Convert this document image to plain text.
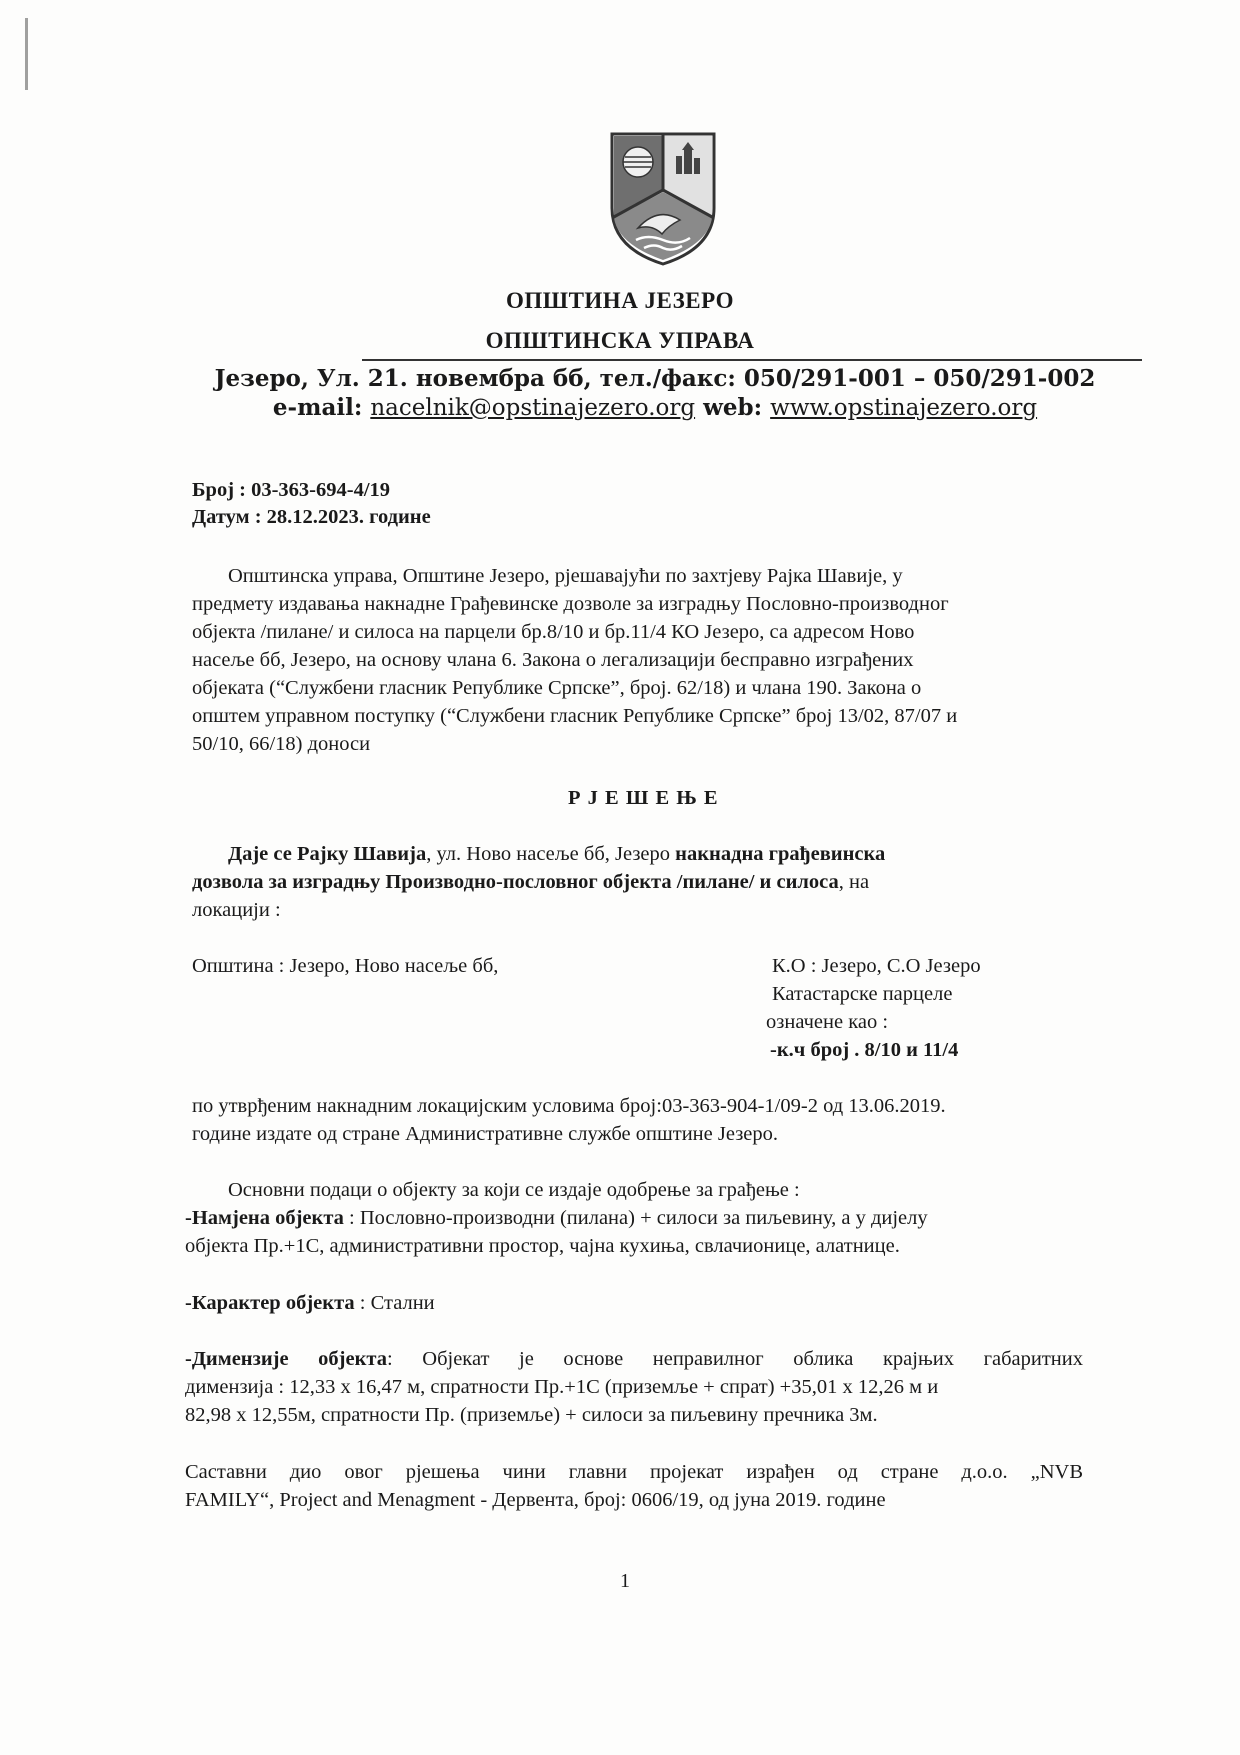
ОПШТИНА ЈЕЗЕРО
ОПШТИНСКА УПРАВА
Језеро, Ул. 21. новембра бб, тел./факс: 050/291-001 – 050/291-002
e-mail: nacelnik@opstinajezero.org web: www.opstinajezero.org
Број : 03-363-694-4/19
Датум : 28.12.2023. године
Општинска управа, Општине Језеро, рјешавајући по захтјеву Рајка Шавије, у
предмету издавања накнадне Грађевинске дозволе за изградњу Пословно-производног
објекта /пилане/ и силоса на парцели бр.8/10 и бр.11/4 КО Језеро, са адресом Ново
насеље бб, Језеро, на основу члана 6. Закона о легализацији бесправно изграђених
објеката (“Службени гласник Републике Српске”, број. 62/18) и члана 190. Закона о
општем управном поступку (“Службени гласник Републике Српске” број 13/02, 87/07 и
50/10, 66/18) доноси
Р Ј Е Ш Е Њ Е
Даје се Рајку Шавија, ул. Ново насеље бб, Језеро накнадна грађевинска
дозвола за изградњу Производно-пословног објекта /пилане/ и силоса, на
локацији :
Општина : Језеро, Ново насеље бб,	К.О : Језеро, С.О Језеро
Катастарске парцеле
означене као :
-к.ч број . 8/10 и 11/4
по утврђеним накнадним локацијским условима број:03-363-904-1/09-2 од 13.06.2019.
године издате од стране Административне службе општине Језеро.
Основни подаци о објекту за који се издаје одобрење за грађење :
-Намјена објекта : Пословно-производни (пилана) + силоси за пиљевину, а у дијелу
објекта Пр.+1С, административни простор, чајна кухиња, свлачионице, алатнице.
-Карактер објекта : Стални
-Димензије објекта: Објекат је основе неправилног облика крајњих габаритних
димензија : 12,33 x 16,47 м, спратности Пр.+1С (приземље + спрат) +35,01 x 12,26 м и
82,98 x 12,55м, спратности Пр. (приземље) + силоси за пиљевину пречника 3м.
Саставни дио овог рјешења чини главни пројекат израђен од стране д.о.о. „NVB
FAMILY“, Project and Menagment - Дервента, број: 0606/19, од јуна 2019. године
1
